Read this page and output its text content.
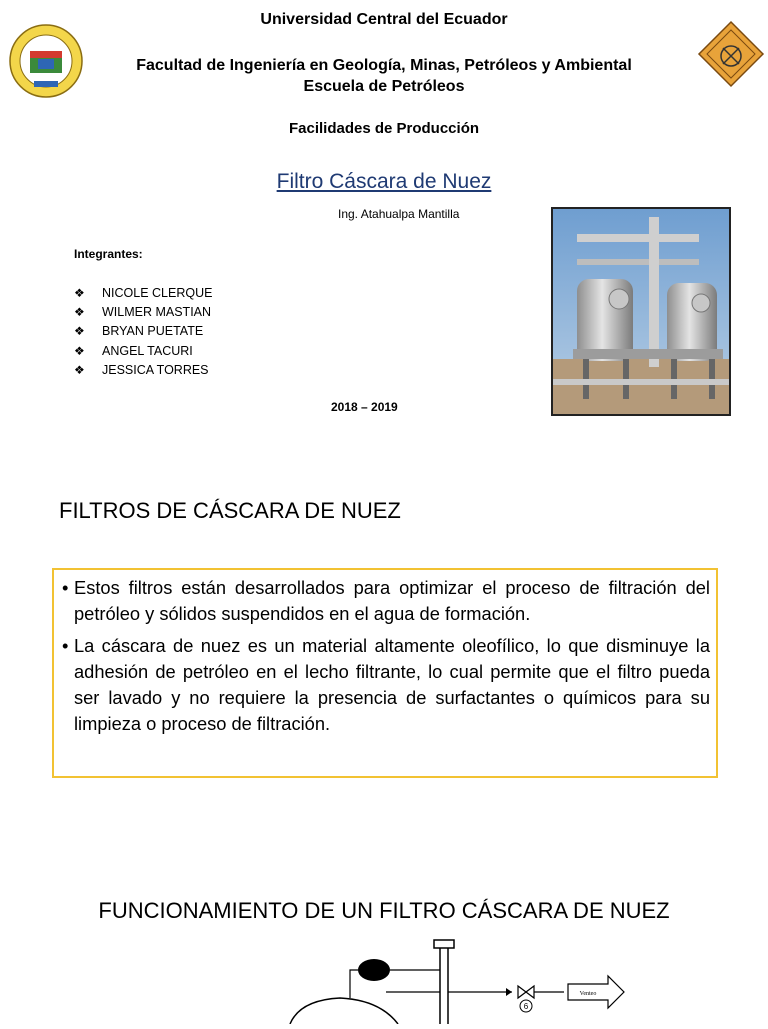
Universidad Central del Ecuador
Facultad de Ingeniería en Geología, Minas, Petróleos y Ambiental
Escuela de Petróleos
Facilidades de Producción
Filtro Cáscara de Nuez
Ing. Atahualpa Mantilla
Integrantes:
❖	NICOLE CLERQUE
❖	WILMER MASTIAN
❖	BRYAN PUETATE
❖	ANGEL TACURI
❖	JESSICA TORRES
2018 – 2019
FILTROS DE CÁSCARA DE NUEZ
• Estos filtros están desarrollados para optimizar el proceso de filtración del petróleo y sólidos suspendidos en el agua de formación.
• La cáscara de nuez es un material altamente oleofílico, lo que disminuye la adhesión de petróleo en el lecho filtrante, lo cual permite que el filtro pueda ser lavado y no requiere la presencia de surfactantes o químicos para su limpieza o proceso de filtración.
FUNCIONAMIENTO DE UN FILTRO CÁSCARA DE NUEZ
6
Venteo
